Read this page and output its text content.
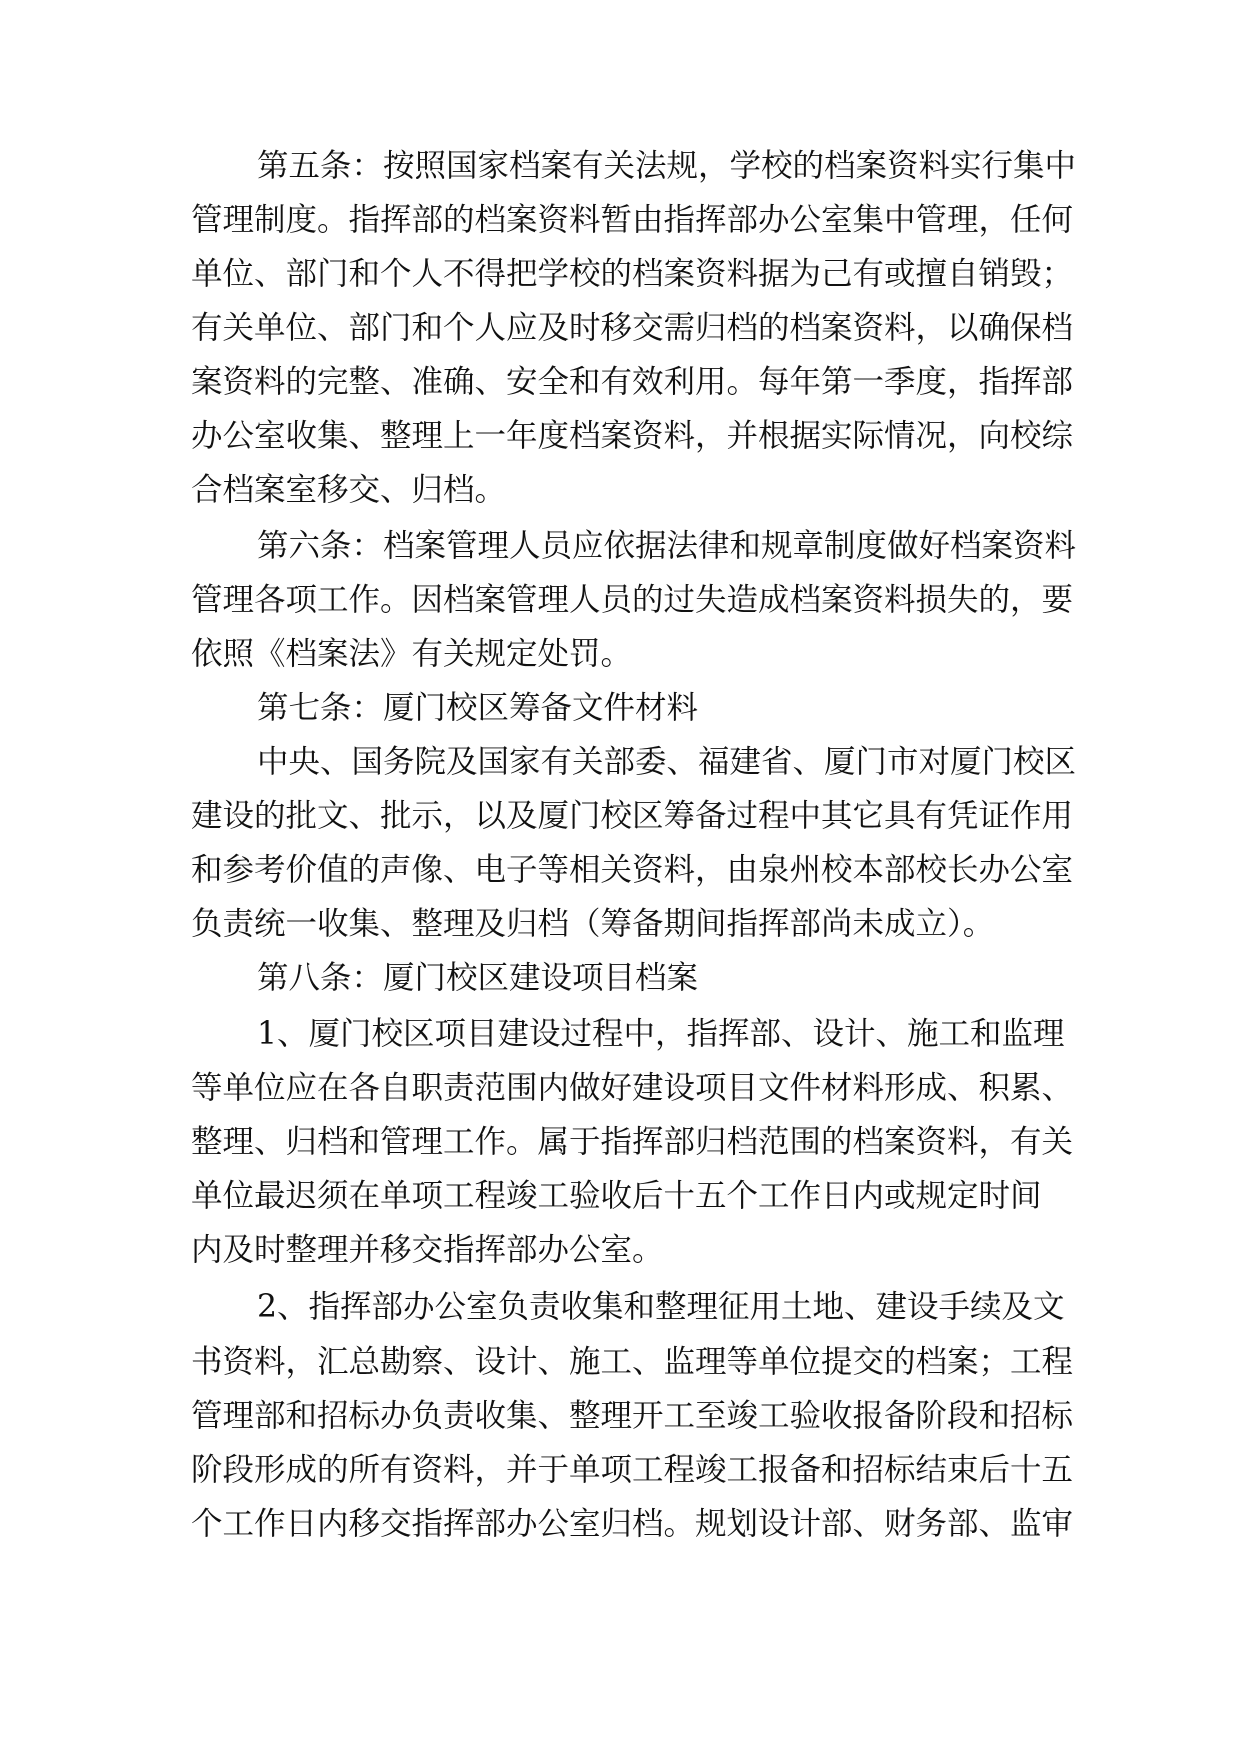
第五条：按照国家档案有关法规，学校的档案资料实行集中
管理制度。指挥部的档案资料暂由指挥部办公室集中管理，任何
单位、部门和个人不得把学校的档案资料据为己有或擅自销毁；
有关单位、部门和个人应及时移交需归档的档案资料，以确保档
案资料的完整、准确、安全和有效利用。每年第一季度，指挥部
办公室收集、整理上一年度档案资料，并根据实际情况，向校综
合档案室移交、归档。
第六条：档案管理人员应依据法律和规章制度做好档案资料
管理各项工作。因档案管理人员的过失造成档案资料损失的，要
依照《档案法》有关规定处罚。
第七条：厦门校区筹备文件材料
中央、国务院及国家有关部委、福建省、厦门市对厦门校区
建设的批文、批示，以及厦门校区筹备过程中其它具有凭证作用
和参考价值的声像、电子等相关资料，由泉州校本部校长办公室
负责统一收集、整理及归档（筹备期间指挥部尚未成立）。
第八条：厦门校区建设项目档案
1、厦门校区项目建设过程中，指挥部、设计、施工和监理
等单位应在各自职责范围内做好建设项目文件材料形成、积累、
整理、归档和管理工作。属于指挥部归档范围的档案资料，有关
单位最迟须在单项工程竣工验收后十五个工作日内或规定时间
内及时整理并移交指挥部办公室。
2、指挥部办公室负责收集和整理征用土地、建设手续及文
书资料，汇总勘察、设计、施工、监理等单位提交的档案；工程
管理部和招标办负责收集、整理开工至竣工验收报备阶段和招标
阶段形成的所有资料，并于单项工程竣工报备和招标结束后十五
个工作日内移交指挥部办公室归档。规划设计部、财务部、监审
